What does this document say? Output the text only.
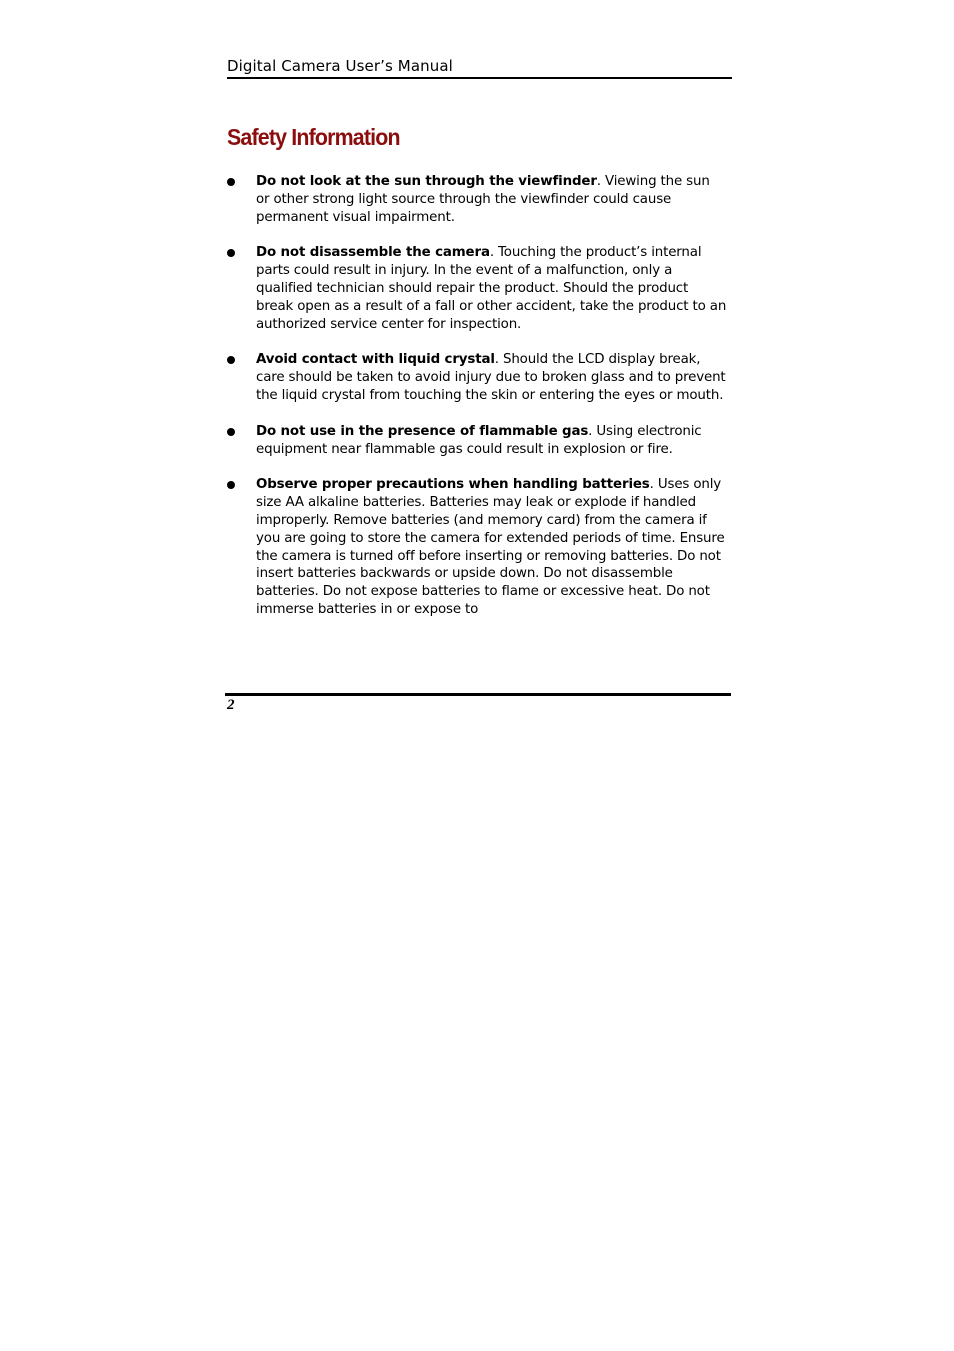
Digital Camera User’s Manual
Safety Information
Do not look at the sun through the viewfinder. Viewing the sun or other strong light source through the viewfinder could cause permanent visual impairment.
Do not disassemble the camera. Touching the product’s internal parts could result in injury. In the event of a malfunction, only a qualified technician should repair the product. Should the product break open as a result of a fall or other accident, take the product to an authorized service center for inspection.
Avoid contact with liquid crystal. Should the LCD display break, care should be taken to avoid injury due to broken glass and to prevent the liquid crystal from touching the skin or entering the eyes or mouth.
Do not use in the presence of flammable gas. Using electronic equipment near flammable gas could result in explosion or fire.
Observe proper precautions when handling batteries. Uses only size AA alkaline batteries. Batteries may leak or explode if handled improperly. Remove batteries (and memory card) from the camera if you are going to store the camera for extended periods of time. Ensure the camera is turned off before inserting or removing batteries. Do not insert batteries backwards or upside down. Do not disassemble batteries. Do not expose batteries to flame or excessive heat. Do not immerse batteries in or expose to
2
